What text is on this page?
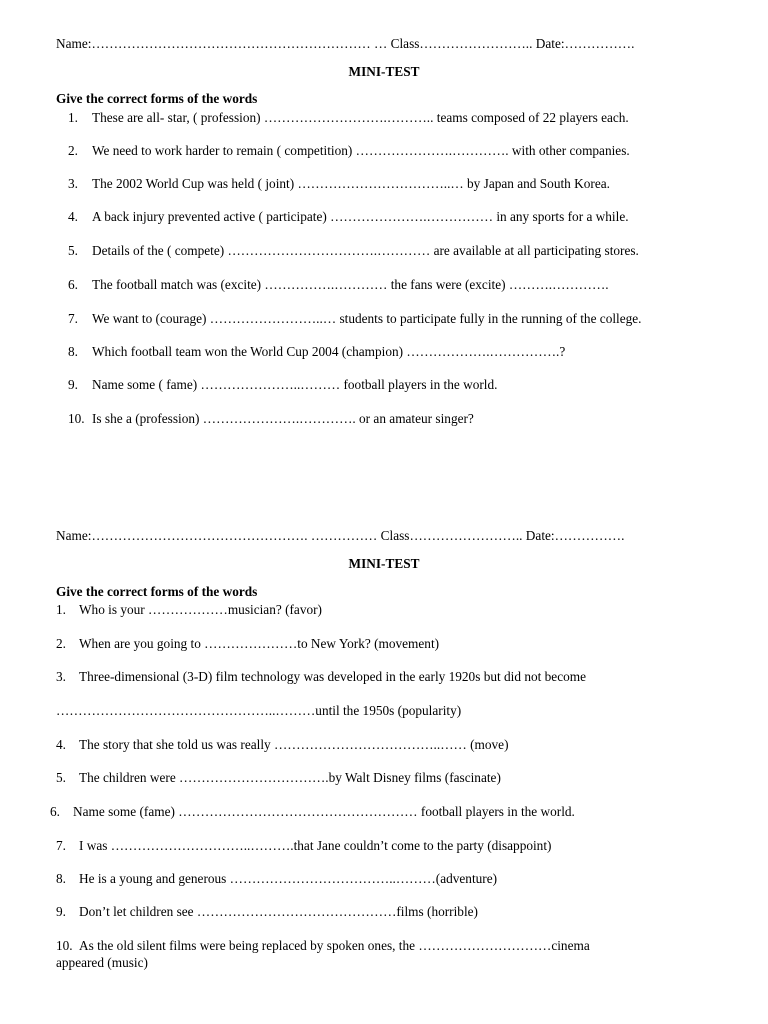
Name:……………………………………………………… … Class…………………….. Date:…………….
MINI-TEST
Give the correct forms of the words
1. These are all- star, ( profession) ……………………….……….. teams composed of 22 players each.
2. We need to work harder to remain ( competition) ………………….…………. with other companies.
3. The 2002 World Cup was held ( joint) ……………………………..… by Japan and South Korea.
4. A back injury prevented active ( participate) ………………….…………… in any sports for a while.
5. Details of the ( compete) …………………………….………… are available at all participating stores.
6. The football match was (excite) …………….………… the fans were (excite) ……….………….
7. We want to (courage) ……………………..… students to participate fully in the running of the college.
8. Which football team won the World Cup 2004 (champion) ……………….…………….?
9. Name some ( fame) …………………..……… football players in the world.
10. Is she a (profession) ………………….…………. or an amateur singer?
Name:…………………………………………. …………… Class…………………….. Date:…………….
MINI-TEST
Give the correct forms of the words
1. Who is your ………………musician? (favor)
2. When are you going to …………………to New York? (movement)
3. Three-dimensional (3-D) film technology was developed in the early 1920s but did not become
…………………………………………..………until the 1950s (popularity)
4. The story that she told us was really ………………………………..…… (move)
5. The children were …………………………….by Walt Disney films (fascinate)
6. Name some (fame) ……………………………………………… football players in the world.
7. I was …………………………..……….that Jane couldn’t come to the party (disappoint)
8. He is a young and generous ………………………………..………(adventure)
9. Don’t let children see ………………………………………films (horrible)
10. As the old silent films were being replaced by spoken ones, the …………………………cinema
appeared (music)
